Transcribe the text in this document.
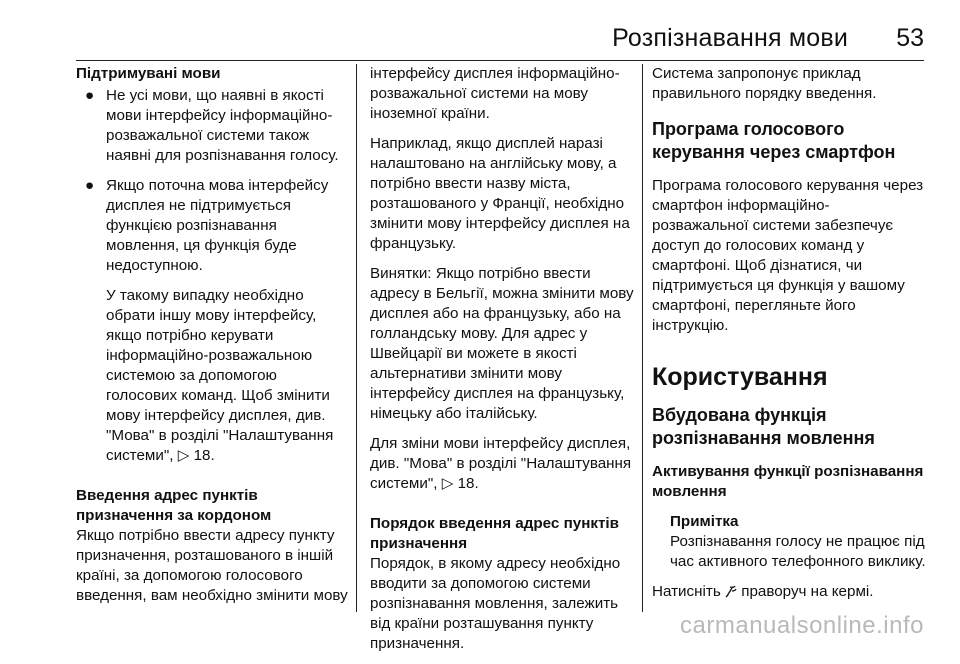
Розпізнавання мови 53
Підтримувані мови
● Не усі мови, що наявні в якості мови інтерфейсу інформаційно-розважальної системи також наявні для розпізнавання голосу.
● Якщо поточна мова інтерфейсу дисплея не підтримується функцією розпізнавання мовлення, ця функція буде недоступною.
У такому випадку необхідно обрати іншу мову інтерфейсу, якщо потрібно керувати інформаційно-розважальною системою за допомогою голосових команд. Щоб змінити мову інтерфейсу дисплея, див. "Мова" в розділі "Налаштування системи", ▷ 18.
Введення адрес пунктів призначення за кордоном

Якщо потрібно ввести адресу пункту призначення, розташованого в іншій країні, за допомогою голосового введення, вам необхідно змінити мову

інтерфейсу дисплея інформаційно-розважальної системи на мову іноземної країни.

Наприклад, якщо дисплей наразі налаштовано на англійську мову, а потрібно ввести назву міста, розташованого у Франції, необхідно змінити мову інтерфейсу дисплея на французьку.

Винятки: Якщо потрібно ввести адресу в Бельгії, можна змінити мову дисплея або на французьку, або на голландську мову. Для адрес у Швейцарії ви можете в якості альтернативи змінити мову інтерфейсу дисплея на французьку, німецьку або італійську.

Для зміни мови інтерфейсу дисплея, див. "Мова" в розділі "Налаштування системи", ▷ 18.

Порядок введення адрес пунктів призначення

Порядок, в якому адресу необхідно вводити за допомогою системи розпізнавання мовлення, залежить від країни розташування пункту призначення.

Система запропонує приклад правильного порядку введення.

Програма голосового керування через смартфон

Програма голосового керування через смартфон інформаційно-розважальної системи забезпечує доступ до голосових команд у смартфоні. Щоб дізнатися, чи підтримується ця функція у вашому смартфоні, перегляньте його інструкцію.

Користування
Вбудована функція розпізнавання мовлення
Активування функції розпізнавання мовлення
Примітка
Розпізнавання голосу не працює під час активного телефонного виклику.

Натисніть праворуч на кермі.

carmanualsonline.info
